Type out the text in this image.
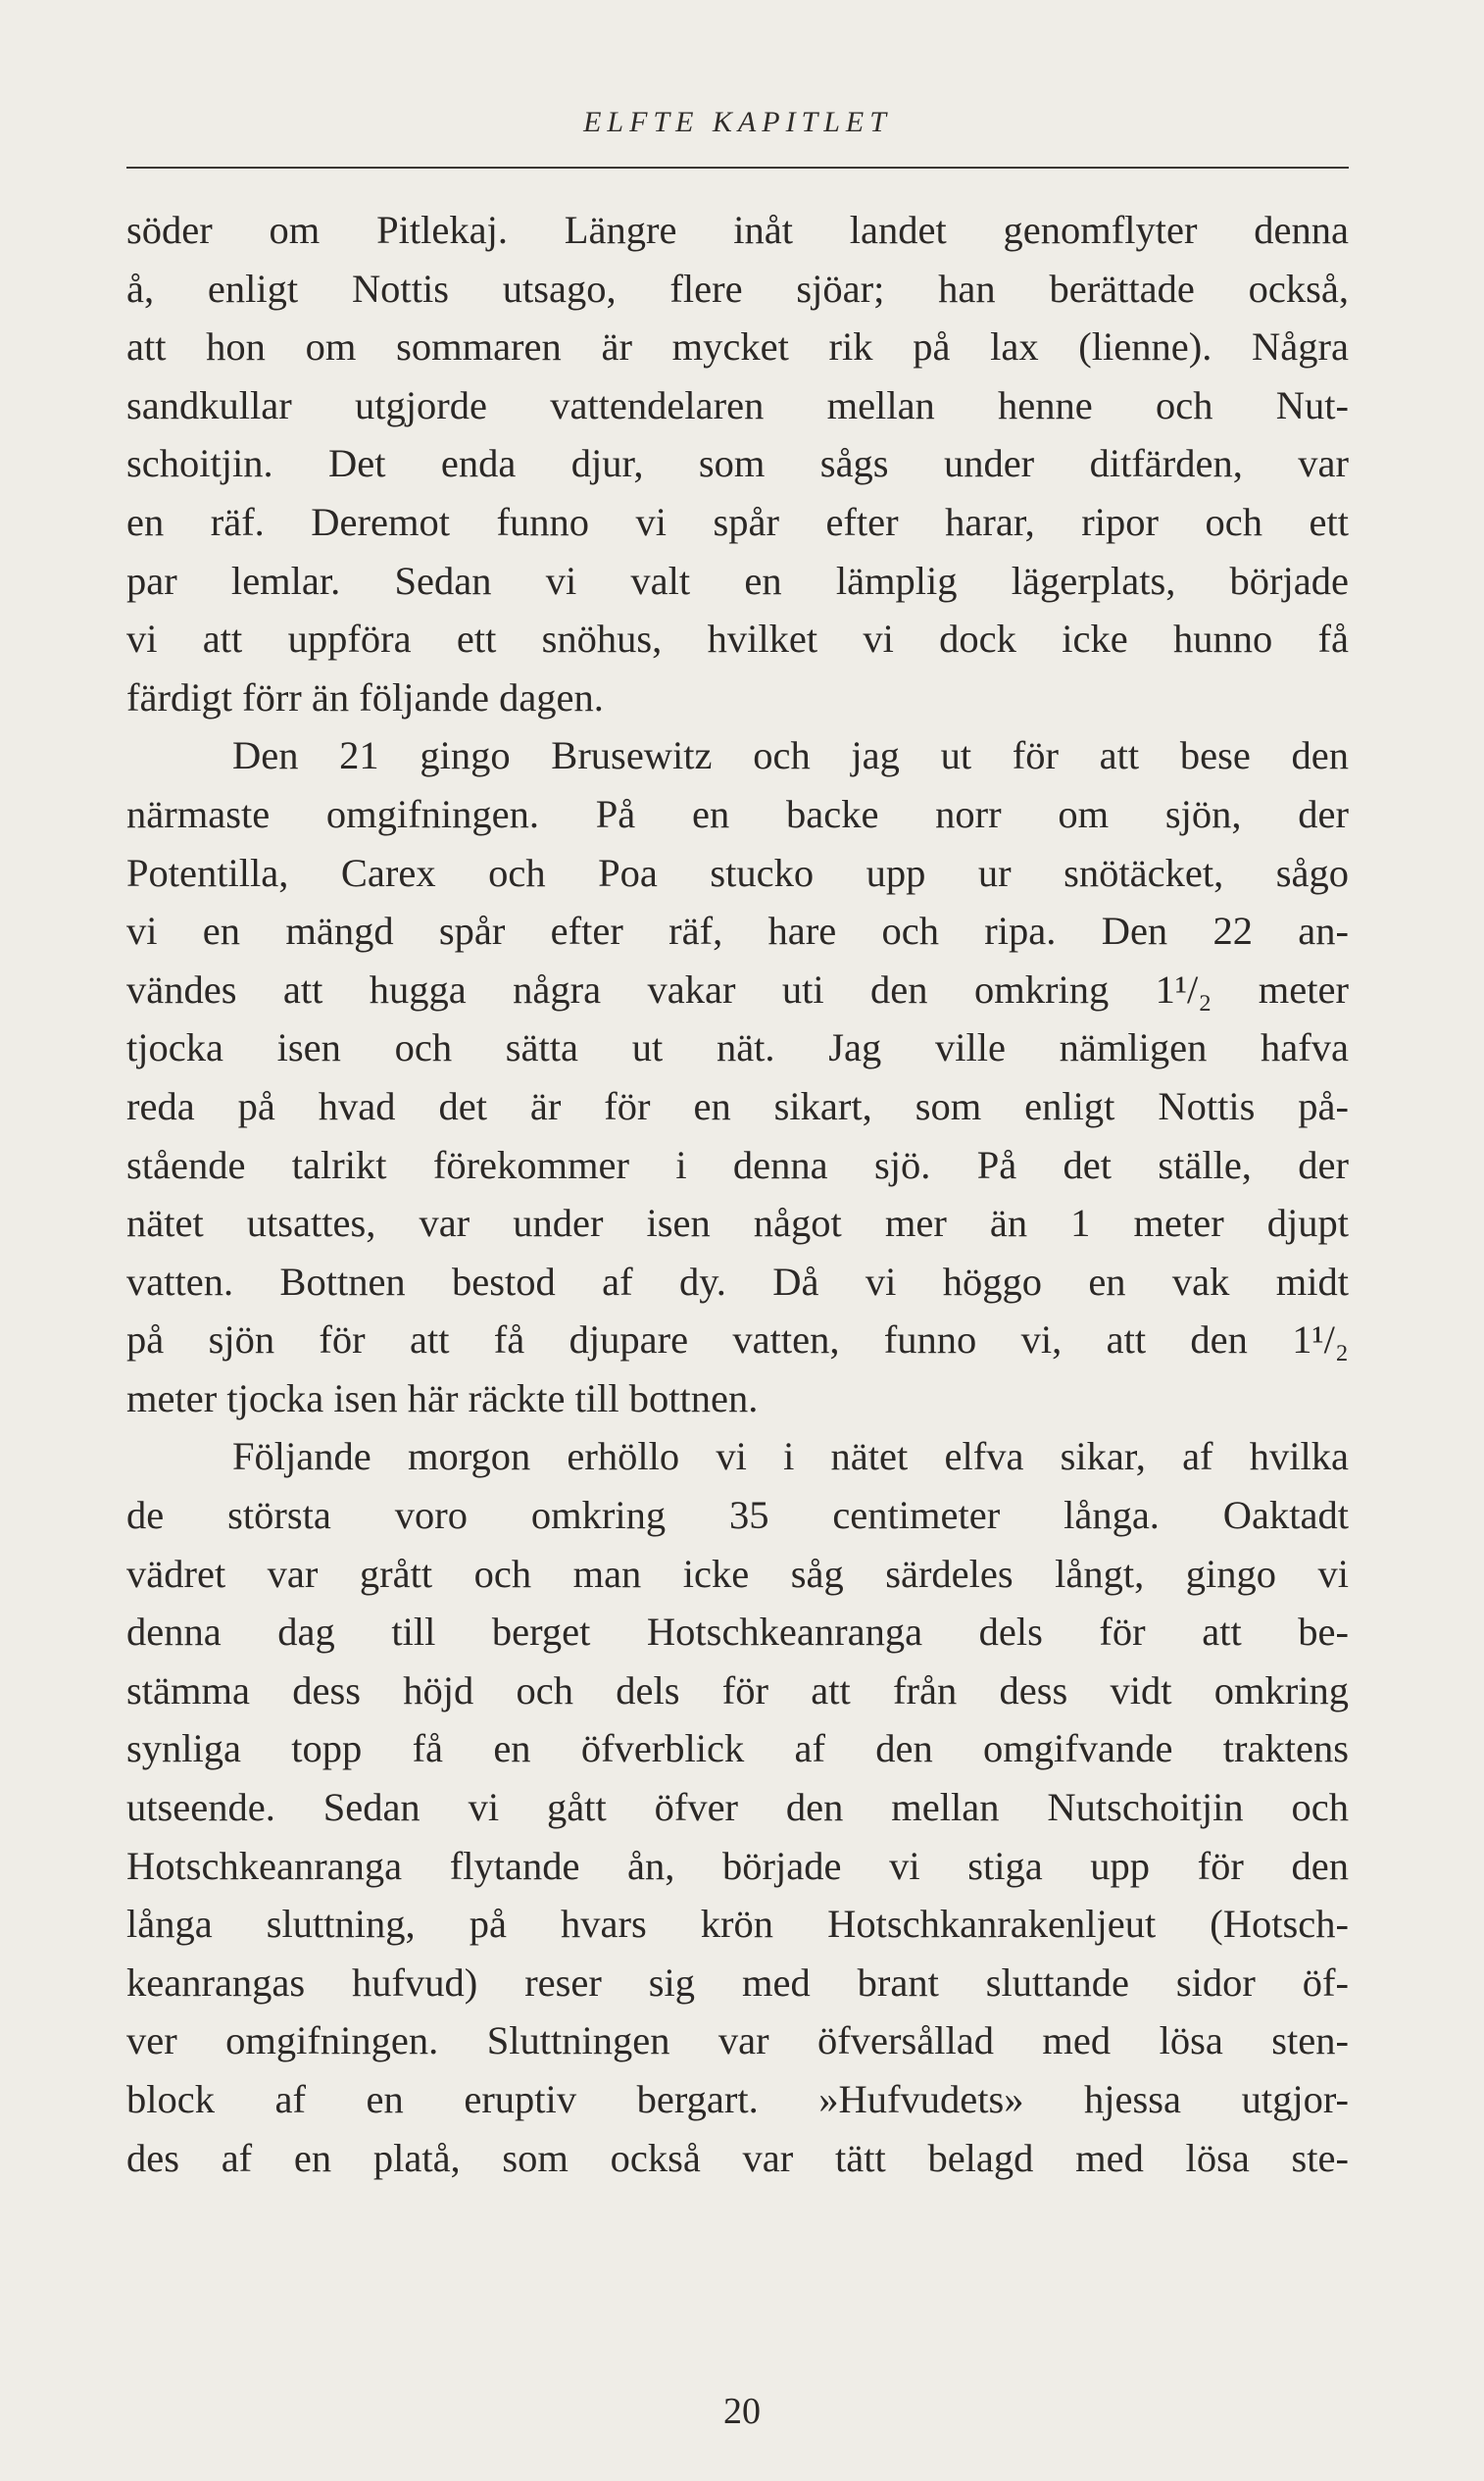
ELFTE KAPITLET
söder om Pitlekaj. Längre inåt landet genomflyter denna
å, enligt Nottis utsago, flere sjöar; han berättade också,
att hon om sommaren är mycket rik på lax (lienne). Några
sandkullar utgjorde vattendelaren mellan henne och Nut-
schoitjin. Det enda djur, som sågs under ditfärden, var
en räf. Deremot funno vi spår efter harar, ripor och ett
par lemlar. Sedan vi valt en lämplig lägerplats, började
vi att uppföra ett snöhus, hvilket vi dock icke hunno få
färdigt förr än följande dagen.
Den 21 gingo Brusewitz och jag ut för att bese den
närmaste omgifningen. På en backe norr om sjön, der
Potentilla, Carex och Poa stucko upp ur snötäcket, sågo
vi en mängd spår efter räf, hare och ripa. Den 22 an-
vändes att hugga några vakar uti den omkring 1¹/₂ meter
tjocka isen och sätta ut nät. Jag ville nämligen hafva
reda på hvad det är för en sikart, som enligt Nottis på-
stående talrikt förekommer i denna sjö. På det ställe, der
nätet utsattes, var under isen något mer än 1 meter djupt
vatten. Bottnen bestod af dy. Då vi höggo en vak midt
på sjön för att få djupare vatten, funno vi, att den 1¹/₂
meter tjocka isen här räckte till bottnen.
Följande morgon erhöllo vi i nätet elfva sikar, af hvilka
de största voro omkring 35 centimeter långa. Oaktadt
vädret var grått och man icke såg särdeles långt, gingo vi
denna dag till berget Hotschkeanranga dels för att be-
stämma dess höjd och dels för att från dess vidt omkring
synliga topp få en öfverblick af den omgifvande traktens
utseende. Sedan vi gått öfver den mellan Nutschoitjin och
Hotschkeanranga flytande ån, började vi stiga upp för den
långa sluttning, på hvars krön Hotschkanrakenljeut (Hotsch-
keanrangas hufvud) reser sig med brant sluttande sidor öf-
ver omgifningen. Sluttningen var öfversållad med lösa sten-
block af en eruptiv bergart. »Hufvudets» hjessa utgjor-
des af en platå, som också var tätt belagd med lösa ste-
20
